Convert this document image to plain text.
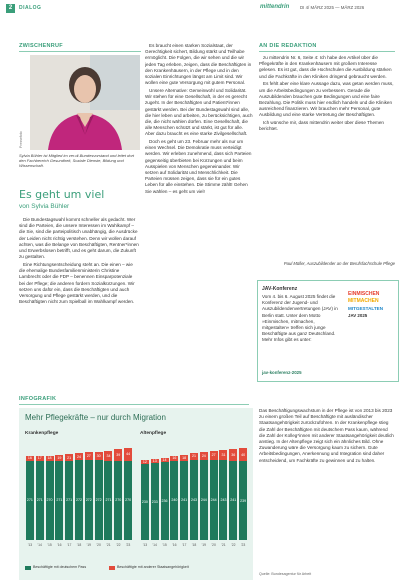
2	DIALOG	mittendrin DI 4/ MÄRZ 2025 — MÄRZ 2026
ZWISCHENRUF
Pressefoto
Sylvia Bühler ist Mitglied im ver.di-Bundesvorstand und leitet dort den Fachbereich Gesundheit, Soziale Dienste, Bildung und Wissenschaft.
Es geht um viel
von Sylvia Bühler

Die Bundestagswahl kommt schneller als gedacht. Wer sind die Parteien, die unsere Interessen im Wahlkampf – die Sie, sind die parteipolitisch unabhängig, die Ausdrücke der Leiden nicht richtig verstehen. Denn wir wollen darauf achten, was die Belange von Beschäftigten, Rentner*innen und Erwerbslosen betrifft, und es geht darum, die Zukunft zu gestalten.

Eine Richtungsentscheidung steht an. Die einen – wie die ehemalige Bundesfamilienministerin Christine Lambrecht oder die FDP – benennen Einsparpotenziale bei der Pflege; die anderen fordern Sozialkürzungen. Wir setzen uns dafür ein, dass die Beschäftigten und auch Versorgung und Pflege gestärkt werden, und die Beschäftigten nicht zum Spielball im Wahlkampf werden.

Es braucht einen starken Sozialstaat, der Gerechtigkeit sichert, Bildung stärkt und Teilhabe ermöglicht. Die Folgen, die wir sehen und die wir jeden Tag erleben, zeigen, dass die Beschäftigten in den Krankenhäusern, in der Pflege und in den sozialen Einrichtungen längst am Limit sind. Wir wollen eine gute Versorgung mit gutem Personal.

Unsere Alternative: Gemeinwohl und Solidarität. Wir stehen für eine Gesellschaft, in der es gerecht zugeht. In der Beschäftigten und Patient*innen gestärkt werden. Bei der Bundestagswahl sind alle, die hier leben und arbeiten, zu berücksichtigen, auch die, die nicht wählen dürfen. Eine Gesellschaft, die alle Menschen schützt und stärkt, ist gut für alle. Aber dazu braucht es eine starke Zivilgesellschaft.

Doch es geht um 23. Februar mehr als nur um einen Wechsel. Die Demokratie muss verteidigt werden. Wir erleben zunehmend, dass sich Parteien gegenseitig überbieten bei Kürzungen und beim Ausspielen von Menschen gegeneinander. Wir setzen auf Solidarität und Menschlichkeit. Die Parteien müssen zeigen, dass sie für ein gutes Leben für alle einstehen. Die Stimme zählt! Gehen Sie wählen – es geht um viel!

AN DIE REDAKTION

zu mittendrin Nr. 6, Seite 4: Ich habe den Artikel über die Pflegekräfte in den Krankenhäusern mit großem Interesse gelesen. Es ist gut, dass die Hochschulen die Ausbildung stärken und die Fachkräfte in den Kliniken dringend gebraucht werden.

Es fehlt aber eine klare Aussage dazu, was getan werden muss, um die Arbeitsbedingungen zu verbessern. Gerade die Auszubildenden brauchen gute Bedingungen und eine faire Bezahlung. Die Politik muss hier endlich handeln und die Kliniken ausreichend finanzieren. Wir brauchen mehr Personal, gute Ausbildung und eine starke Vertretung der Beschäftigten.

Ich wünsche mir, dass mittendrin weiter über diese Themen berichtet.

Paul Müller, Auszubildender an der Berufsfachschule Pflege
JAV-Konferenz
Vom 4. bis 6. August 2025 findet die Konferenz der Jugend- und Auszubildendenvertretungen (JAV) in Berlin statt. Unter dem Motto »Einmischen, mitmachen, mitgestalten« treffen sich junge Beschäftigte aus ganz Deutschland. Mehr Infos gibt es unter:
jav-konferenz-2025
EINMISCHEN
MITMACHEN
MITGESTALTEN
JAV 2025
INFOGRAFIK
Mehr Pflegekräfte – nur durch Migration
Krankenpflege	Altenpflege
271
16
'13
271
17
'14
270
18
'15
271
19
'16
271
21
'17
272
24
'18
272
27
'19
272
30
'20
271
34
'21
270
39
'22
270
44
'23
230
12
'13
233
13
'14
236
14
'15
240
16
'16
241
18
'17
243
21
'18
244
24
'19
244
27
'20
243
31
'21
241
36
'22
239
40
'23
Beschäftigte mit deutschem Pass	Beschäftigte mit anderer Staatsangehörigkeit
Das Beschäftigungswachstum in der Pflege ist von 2013 bis 2023 zu einem großen Teil auf Beschäftigte mit ausländischer Staatsangehörigkeit zurückzuführen. In der Krankenpflege stieg die Zahl der Beschäftigten mit deutschem Pass kaum, während die Zahl der Kolleg*innen mit anderer Staatsangehörigkeit deutlich anstieg. In der Altenpflege zeigt sich ein ähnliches Bild. Ohne Zuwanderung wäre die Versorgung kaum zu sichern. Gute Arbeitsbedingungen, Anerkennung und Integration sind daher entscheidend, um Fachkräfte zu gewinnen und zu halten.
Quelle: Bundesagentur für Arbeit
